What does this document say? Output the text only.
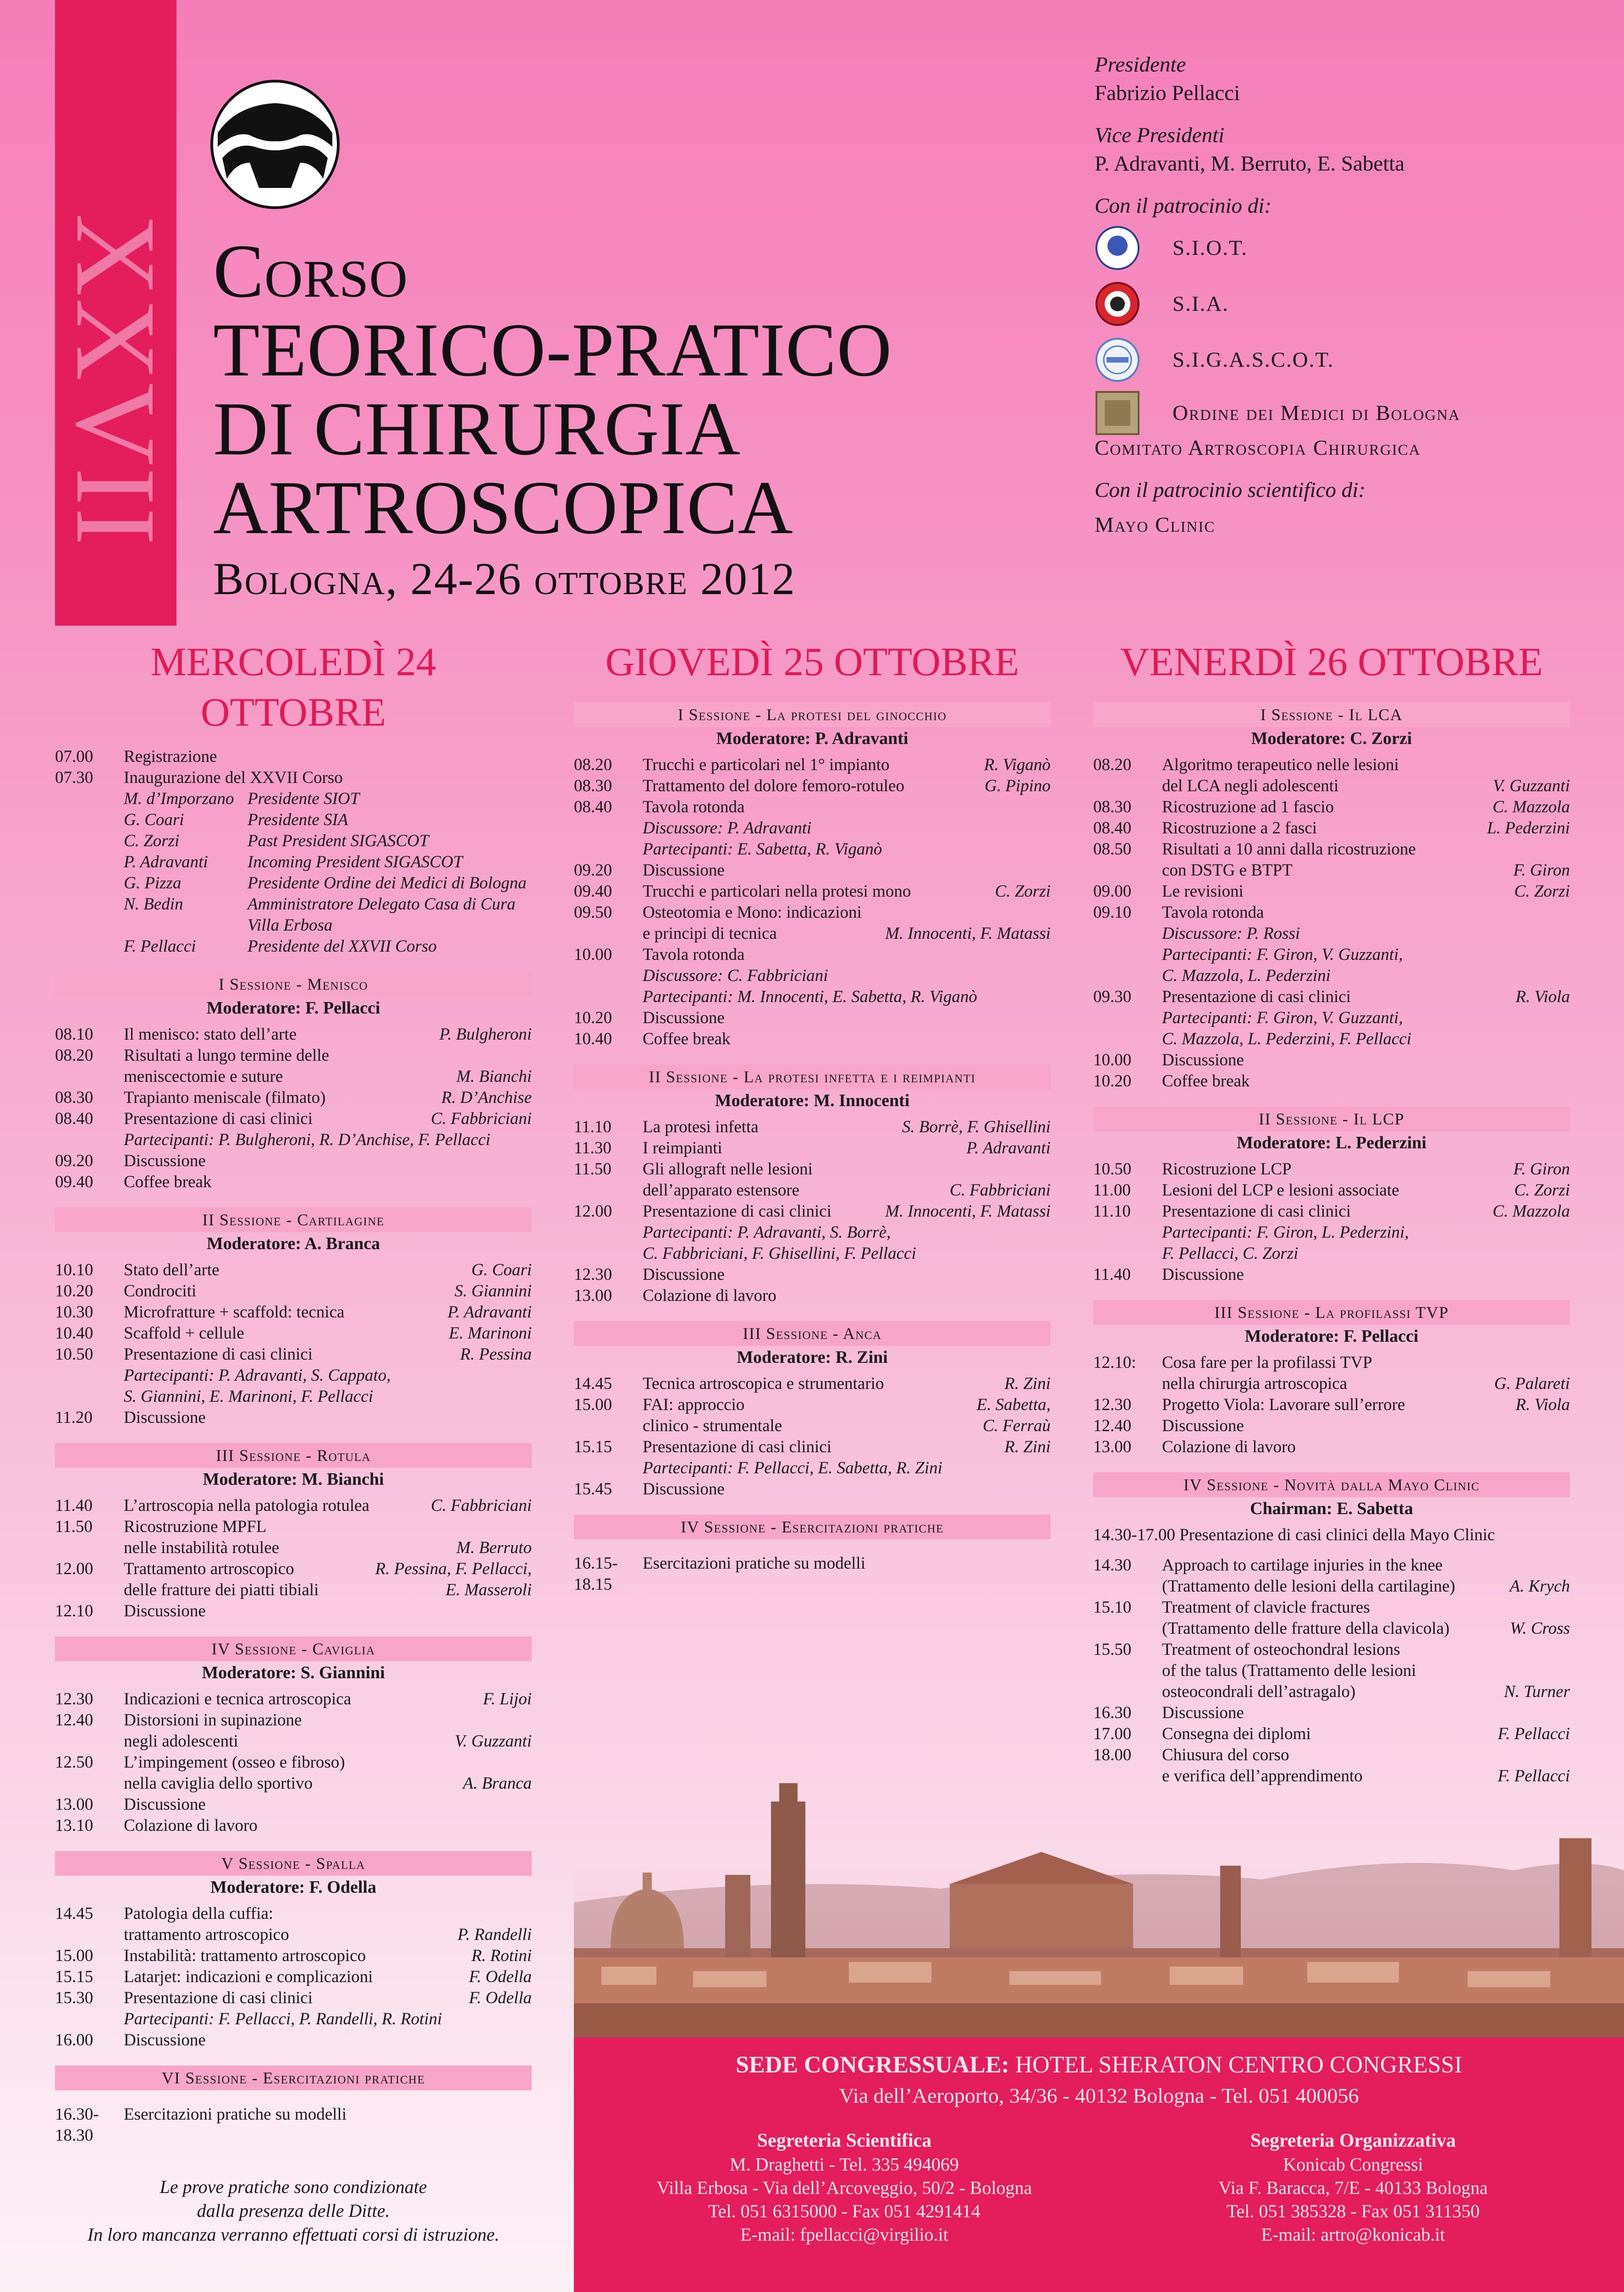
XXVII Corso
TEORICO-PRATICO
DI CHIRURGIA
ARTROSCOPICA
Bologna, 24-26 ottobre 2012
Presidente
Fabrizio Pellacci
Vice Presidenti
P. Adravanti, M. Berruto, E. Sabetta
Con il patrocinio di:
S.I.O.T.
S.I.A.
S.I.G.A.S.C.O.T.
Ordine dei Medici di Bologna
Comitato Artroscopia Chirurgica
Con il patrocinio scientifico di:
Mayo Clinic
MERCOLEDÌ 24 OTTOBRE
07.00	Registrazione
07.30	Inaugurazione del XXVII Corso
M. d’Imporzano Presidente SIOT
G. Coari	Presidente SIA
C. Zorzi	Past President SIGASCOT
P. Adravanti	Incoming President SIGASCOT
G. Pizza	Presidente Ordine dei Medici di Bologna
N. Bedin	Amministratore Delegato Casa di Cura Villa Erbosa
F. Pellacci	Presidente del XXVII Corso
I Sessione - Menisco
Moderatore: F. Pellacci
08.10	Il menisco: stato dell’arte	P. Bulgheroni
08.20	Risultati a lungo termine delle
meniscectomie e suture	M. Bianchi
08.30	Trapianto meniscale (filmato)	R. D’Anchise
08.40	Presentazione di casi clinici	C. Fabbriciani
Partecipanti: P. Bulgheroni, R. D’Anchise, F. Pellacci
09.20	Discussione
09.40	Coffee break
II Sessione - Cartilagine
Moderatore: A. Branca
10.10	Stato dell’arte	G. Coari
10.20	Condrociti	S. Giannini
10.30	Microfratture + scaffold: tecnica	P. Adravanti
10.40	Scaffold + cellule	E. Marinoni
10.50	Presentazione di casi clinici	R. Pessina
Partecipanti: P. Adravanti, S. Cappato,
S. Giannini, E. Marinoni, F. Pellacci
11.20	Discussione
III Sessione - Rotula
Moderatore: M. Bianchi
11.40	L’artroscopia nella patologia rotulea	C. Fabbriciani
11.50	Ricostruzione MPFL
nelle instabilità rotulee	M. Berruto
12.00	Trattamento artroscopico	R. Pessina, F. Pellacci,
delle fratture dei piatti tibiali	E. Masseroli
12.10	Discussione
IV Sessione - Caviglia
Moderatore: S. Giannini
12.30	Indicazioni e tecnica artroscopica	F. Lijoi
12.40	Distorsioni in supinazione
negli adolescenti	V. Guzzanti
12.50	L’impingement (osseo e fibroso)
nella caviglia dello sportivo	A. Branca
13.00	Discussione
13.10	Colazione di lavoro
V Sessione - Spalla
Moderatore: F. Odella
14.45	Patologia della cuffia:
trattamento artroscopico	P. Randelli
15.00	Instabilità: trattamento artroscopico	R. Rotini
15.15	Latarjet: indicazioni e complicazioni	F. Odella
15.30	Presentazione di casi clinici	F. Odella
Partecipanti: F. Pellacci, P. Randelli, R. Rotini
16.00	Discussione
VI Sessione - Esercitazioni pratiche
16.30-18.30
Esercitazioni pratiche su modelli
Le prove pratiche sono condizionate
dalla presenza delle Ditte.
In loro mancanza verranno effettuati corsi di istruzione.
GIOVEDÌ 25 OTTOBRE
I Sessione - La protesi del ginocchio
Moderatore: P. Adravanti
08.20	Trucchi e particolari nel 1° impianto	R. Viganò
08.30	Trattamento del dolore femoro-rotuleo	G. Pipino
08.40	Tavola rotonda
Discussore: P. Adravanti
Partecipanti: E. Sabetta, R. Viganò
09.20	Discussione
09.40	Trucchi e particolari nella protesi mono	C. Zorzi
09.50	Osteotomia e Mono: indicazioni
e principi di tecnica	M. Innocenti, F. Matassi
10.00	Tavola rotonda
Discussore: C. Fabbriciani
Partecipanti: M. Innocenti, E. Sabetta, R. Viganò
10.20	Discussione
10.40	Coffee break
II Sessione - La protesi infetta e i reimpianti
Moderatore: M. Innocenti
11.10	La protesi infetta	S. Borrè, F. Ghisellini
11.30	I reimpianti	P. Adravanti
11.50	Gli allograft nelle lesioni
dell’apparato estensore	C. Fabbriciani
12.00	Presentazione di casi clinici	M. Innocenti, F. Matassi
Partecipanti: P. Adravanti, S. Borrè,
C. Fabbriciani, F. Ghisellini, F. Pellacci
12.30	Discussione
13.00	Colazione di lavoro
III Sessione - Anca
Moderatore: R. Zini
14.45	Tecnica artroscopica e strumentario	R. Zini
15.00	FAI: approccio	E. Sabetta,
clinico - strumentale	C. Ferraù
15.15	Presentazione di casi clinici	R. Zini
Partecipanti: F. Pellacci, E. Sabetta, R. Zini
15.45	Discussione
IV Sessione - Esercitazioni pratiche
16.15-18.15
Esercitazioni pratiche su modelli
VENERDÌ 26 OTTOBRE
I Sessione - Il LCA
Moderatore: C. Zorzi
08.20	Algoritmo terapeutico nelle lesioni
del LCA negli adolescenti	V. Guzzanti
08.30	Ricostruzione ad 1 fascio	C. Mazzola
08.40	Ricostruzione a 2 fasci	L. Pederzini
08.50	Risultati a 10 anni dalla ricostruzione
con DSTG e BTPT	F. Giron
09.00	Le revisioni	C. Zorzi
09.10	Tavola rotonda
Discussore: P. Rossi
Partecipanti: F. Giron, V. Guzzanti,
C. Mazzola, L. Pederzini
09.30	Presentazione di casi clinici	R. Viola
Partecipanti: F. Giron, V. Guzzanti,
C. Mazzola, L. Pederzini, F. Pellacci
10.00	Discussione
10.20	Coffee break
II Sessione - Il LCP
Moderatore: L. Pederzini
10.50	Ricostruzione LCP	F. Giron
11.00	Lesioni del LCP e lesioni associate	C. Zorzi
11.10	Presentazione di casi clinici	C. Mazzola
Partecipanti: F. Giron, L. Pederzini,
F. Pellacci, C. Zorzi
11.40	Discussione
III Sessione - La profilassi TVP
Moderatore: F. Pellacci
12.10:	Cosa fare per la profilassi TVP
nella chirurgia artroscopica	G. Palareti
12.30	Progetto Viola: Lavorare sull’errore	R. Viola
12.40	Discussione
13.00	Colazione di lavoro
IV Sessione - Novità dalla Mayo Clinic
Chairman: E. Sabetta
14.30-17.00 Presentazione di casi clinici della Mayo Clinic
14.30	Approach to cartilage injuries in the knee
(Trattamento delle lesioni della cartilagine)	A. Krych
15.10	Treatment of clavicle fractures
(Trattamento delle fratture della clavicola)	W. Cross
15.50	Treatment of osteochondral lesions
of the talus (Trattamento delle lesioni
osteocondrali dell’astragalo)	N. Turner
16.30	Discussione
17.00	Consegna dei diplomi	F. Pellacci
18.00	Chiusura del corso
e verifica dell’apprendimento	F. Pellacci
SEDE CONGRESSUALE: HOTEL SHERATON CENTRO CONGRESSI
Via dell’Aeroporto, 34/36 - 40132 Bologna - Tel. 051 400056
Segreteria Scientifica
M. Draghetti - Tel. 335 494069
Villa Erbosa - Via dell’Arcoveggio, 50/2 - Bologna
Tel. 051 6315000 - Fax 051 4291414
E-mail: fpellacci@virgilio.it
Segreteria Organizzativa
Konicab Congressi
Via F. Baracca, 7/E - 40133 Bologna
Tel. 051 385328 - Fax 051 311350
E-mail: artro@konicab.it
